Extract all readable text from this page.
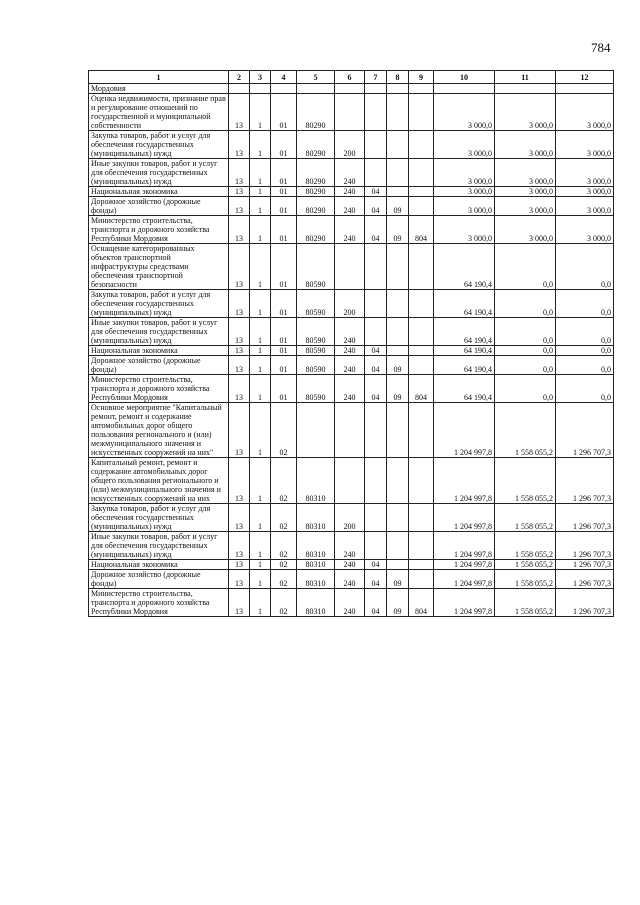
784
1	2	3	4	5	6	7	8	9	10	11	12
Мордовия											
Оценка недвижимости, признание прав и регулирование отношений по государственной и муниципальной собственности	13	1	01	80290					3 000,0	3 000,0	3 000,0
Закупка товаров, работ и услуг для обеспечения государственных (муниципальных) нужд	13	1	01	80290	200				3 000,0	3 000,0	3 000,0
Иные закупки товаров, работ и услуг для обеспечения государственных (муниципальных) нужд	13	1	01	80290	240				3 000,0	3 000,0	3 000,0
Национальная экономика	13	1	01	80290	240	04			3 000,0	3 000,0	3 000,0
Дорожное хозяйство (дорожные фонды)	13	1	01	80290	240	04	09		3 000,0	3 000,0	3 000,0
Министерство строительства, транспорта и дорожного хозяйства Республики Мордовия	13	1	01	80290	240	04	09	804	3 000,0	3 000,0	3 000,0
Оснащение категорированных объектов транспортной инфраструктуры средствами обеспечения транспортной безопасности	13	1	01	80590					64 190,4	0,0	0,0
Закупка товаров, работ и услуг для обеспечения государственных (муниципальных) нужд	13	1	01	80590	200				64 190,4	0,0	0,0
Иные закупки товаров, работ и услуг для обеспечения государственных (муниципальных) нужд	13	1	01	80590	240				64 190,4	0,0	0,0
Национальная экономика	13	1	01	80590	240	04			64 190,4	0,0	0,0
Дорожное хозяйство (дорожные фонды)	13	1	01	80590	240	04	09		64 190,4	0,0	0,0
Министерство строительства, транспорта и дорожного хозяйства Республики Мордовия	13	1	01	80590	240	04	09	804	64 190,4	0,0	0,0
Основное мероприятие "Капитальный ремонт, ремонт и содержание автомобильных дорог общего пользования регионального и (или) межмуниципального значения и искусственных сооружений на них"	13	1	02						1 204 997,8	1 558 055,2	1 296 707,3
Капитальный ремонт, ремонт и содержание автомобильных дорог общего пользования регионального и (или) межмуниципального значения и искусственных сооружений на них	13	1	02	80310					1 204 997,8	1 558 055,2	1 296 707,3
Закупка товаров, работ и услуг для обеспечения государственных (муниципальных) нужд	13	1	02	80310	200				1 204 997,8	1 558 055,2	1 296 707,3
Иные закупки товаров, работ и услуг для обеспечения государственных (муниципальных) нужд	13	1	02	80310	240				1 204 997,8	1 558 055,2	1 296 707,3
Национальная экономика	13	1	02	80310	240	04			1 204 997,8	1 558 055,2	1 296 707,3
Дорожное хозяйство (дорожные фонды)	13	1	02	80310	240	04	09		1 204 997,8	1 558 055,2	1 296 707,3
Министерство строительства, транспорта и дорожного хозяйства Республики Мордовия	13	1	02	80310	240	04	09	804	1 204 997,8	1 558 055,2	1 296 707,3
